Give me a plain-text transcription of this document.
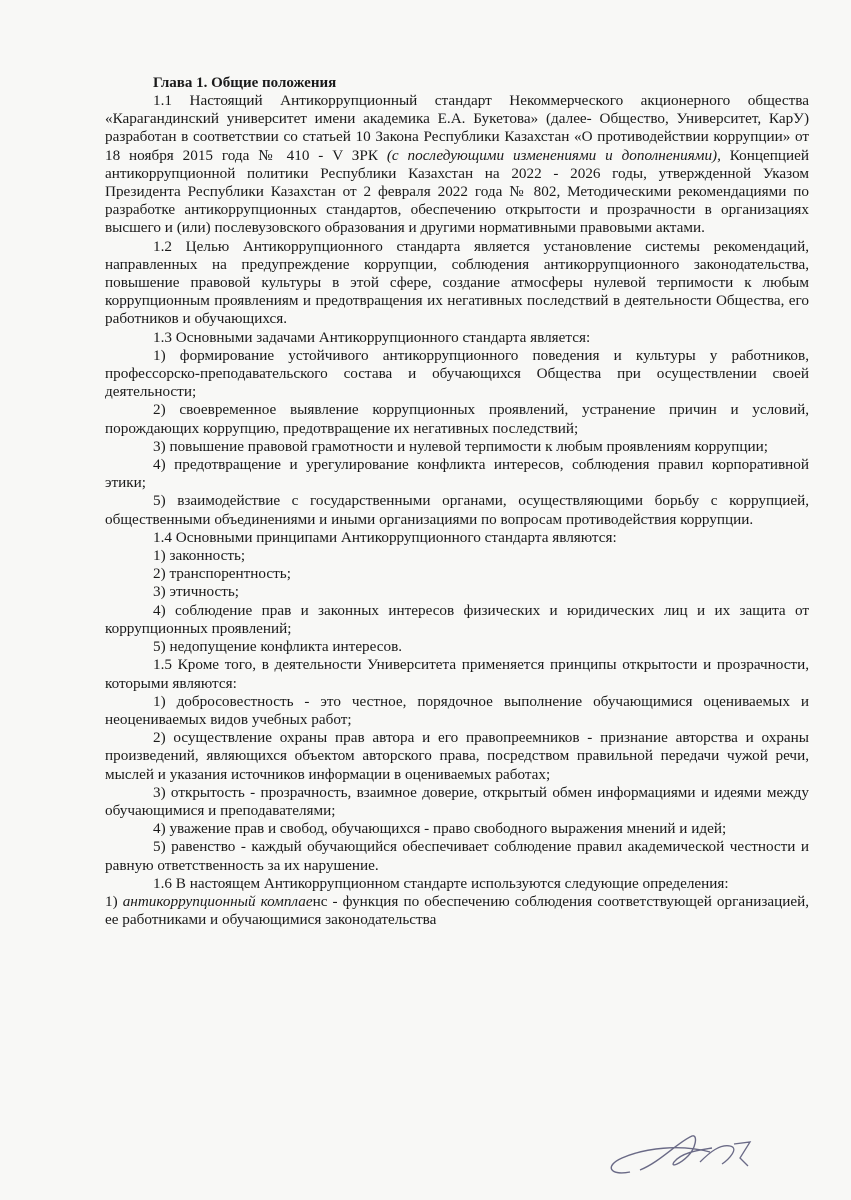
Глава 1. Общие положения

1.1 Настоящий Антикоррупционный стандарт Некоммерческого акционерного общества «Карагандинский университет имени академика Е.А. Букетова» (далее- Общество, Университет, КарУ) разработан в соответствии со статьей 10 Закона Республики Казахстан «О противодействии коррупции» от 18 ноября 2015 года № 410 - V ЗРК (с последующими изменениями и дополнениями), Концепцией антикоррупционной политики Республики Казахстан на 2022 - 2026 годы, утвержденной Указом Президента Республики Казахстан от 2 февраля 2022 года № 802, Методическими рекомендациями по разработке антикоррупционных стандартов, обеспечению открытости и прозрачности в организациях высшего и (или) послевузовского образования и другими нормативными правовыми актами.

1.2 Целью Антикоррупционного стандарта является установление системы рекомендаций, направленных на предупреждение коррупции, соблюдения антикоррупционного законодательства, повышение правовой культуры в этой сфере, создание атмосферы нулевой терпимости к любым коррупционным проявлениям и предотвращения их негативных последствий в деятельности Общества, его работников и обучающихся.

1.3 Основными задачами Антикоррупционного стандарта является:

1) формирование устойчивого антикоррупционного поведения и культуры у работников, профессорско-преподавательского состава и обучающихся Общества при осуществлении своей деятельности;

2) своевременное выявление коррупционных проявлений, устранение причин и условий, порождающих коррупцию, предотвращение их негативных последствий;

3) повышение правовой грамотности и нулевой терпимости к любым проявлениям коррупции;

4) предотвращение и урегулирование конфликта интересов, соблюдения правил корпоративной этики;

5) взаимодействие с государственными органами, осуществляющими борьбу с коррупцией, общественными объединениями и иными организациями по вопросам противодействия коррупции.

1.4 Основными принципами Антикоррупционного стандарта являются:

1) законность;

2) транспорентность;

3) этичность;

4) соблюдение прав и законных интересов физических и юридических лиц и их защита от коррупционных проявлений;

5) недопущение конфликта интересов.

1.5 Кроме того, в деятельности Университета применяется принципы открытости и прозрачности, которыми являются:

1) добросовестность - это честное, порядочное выполнение обучающимися оцениваемых и неоцениваемых видов учебных работ;

2) осуществление охраны прав автора и его правопреемников - признание авторства и охраны произведений, являющихся объектом авторского права, посредством правильной передачи чужой речи, мыслей и указания источников информации в оцениваемых работах;

3) открытость - прозрачность, взаимное доверие, открытый обмен информациями и идеями между обучающимися и преподавателями;

4) уважение прав и свобод, обучающихся - право свободного выражения мнений и идей;

5) равенство - каждый обучающийся обеспечивает соблюдение правил академической честности и равную ответственность за их нарушение.

1.6 В настоящем Антикоррупционном стандарте используются следующие определения:

1) антикоррупционный комплаенс - функция по обеспечению соблюдения соответствующей организацией, ее работниками и обучающимися законодательства
